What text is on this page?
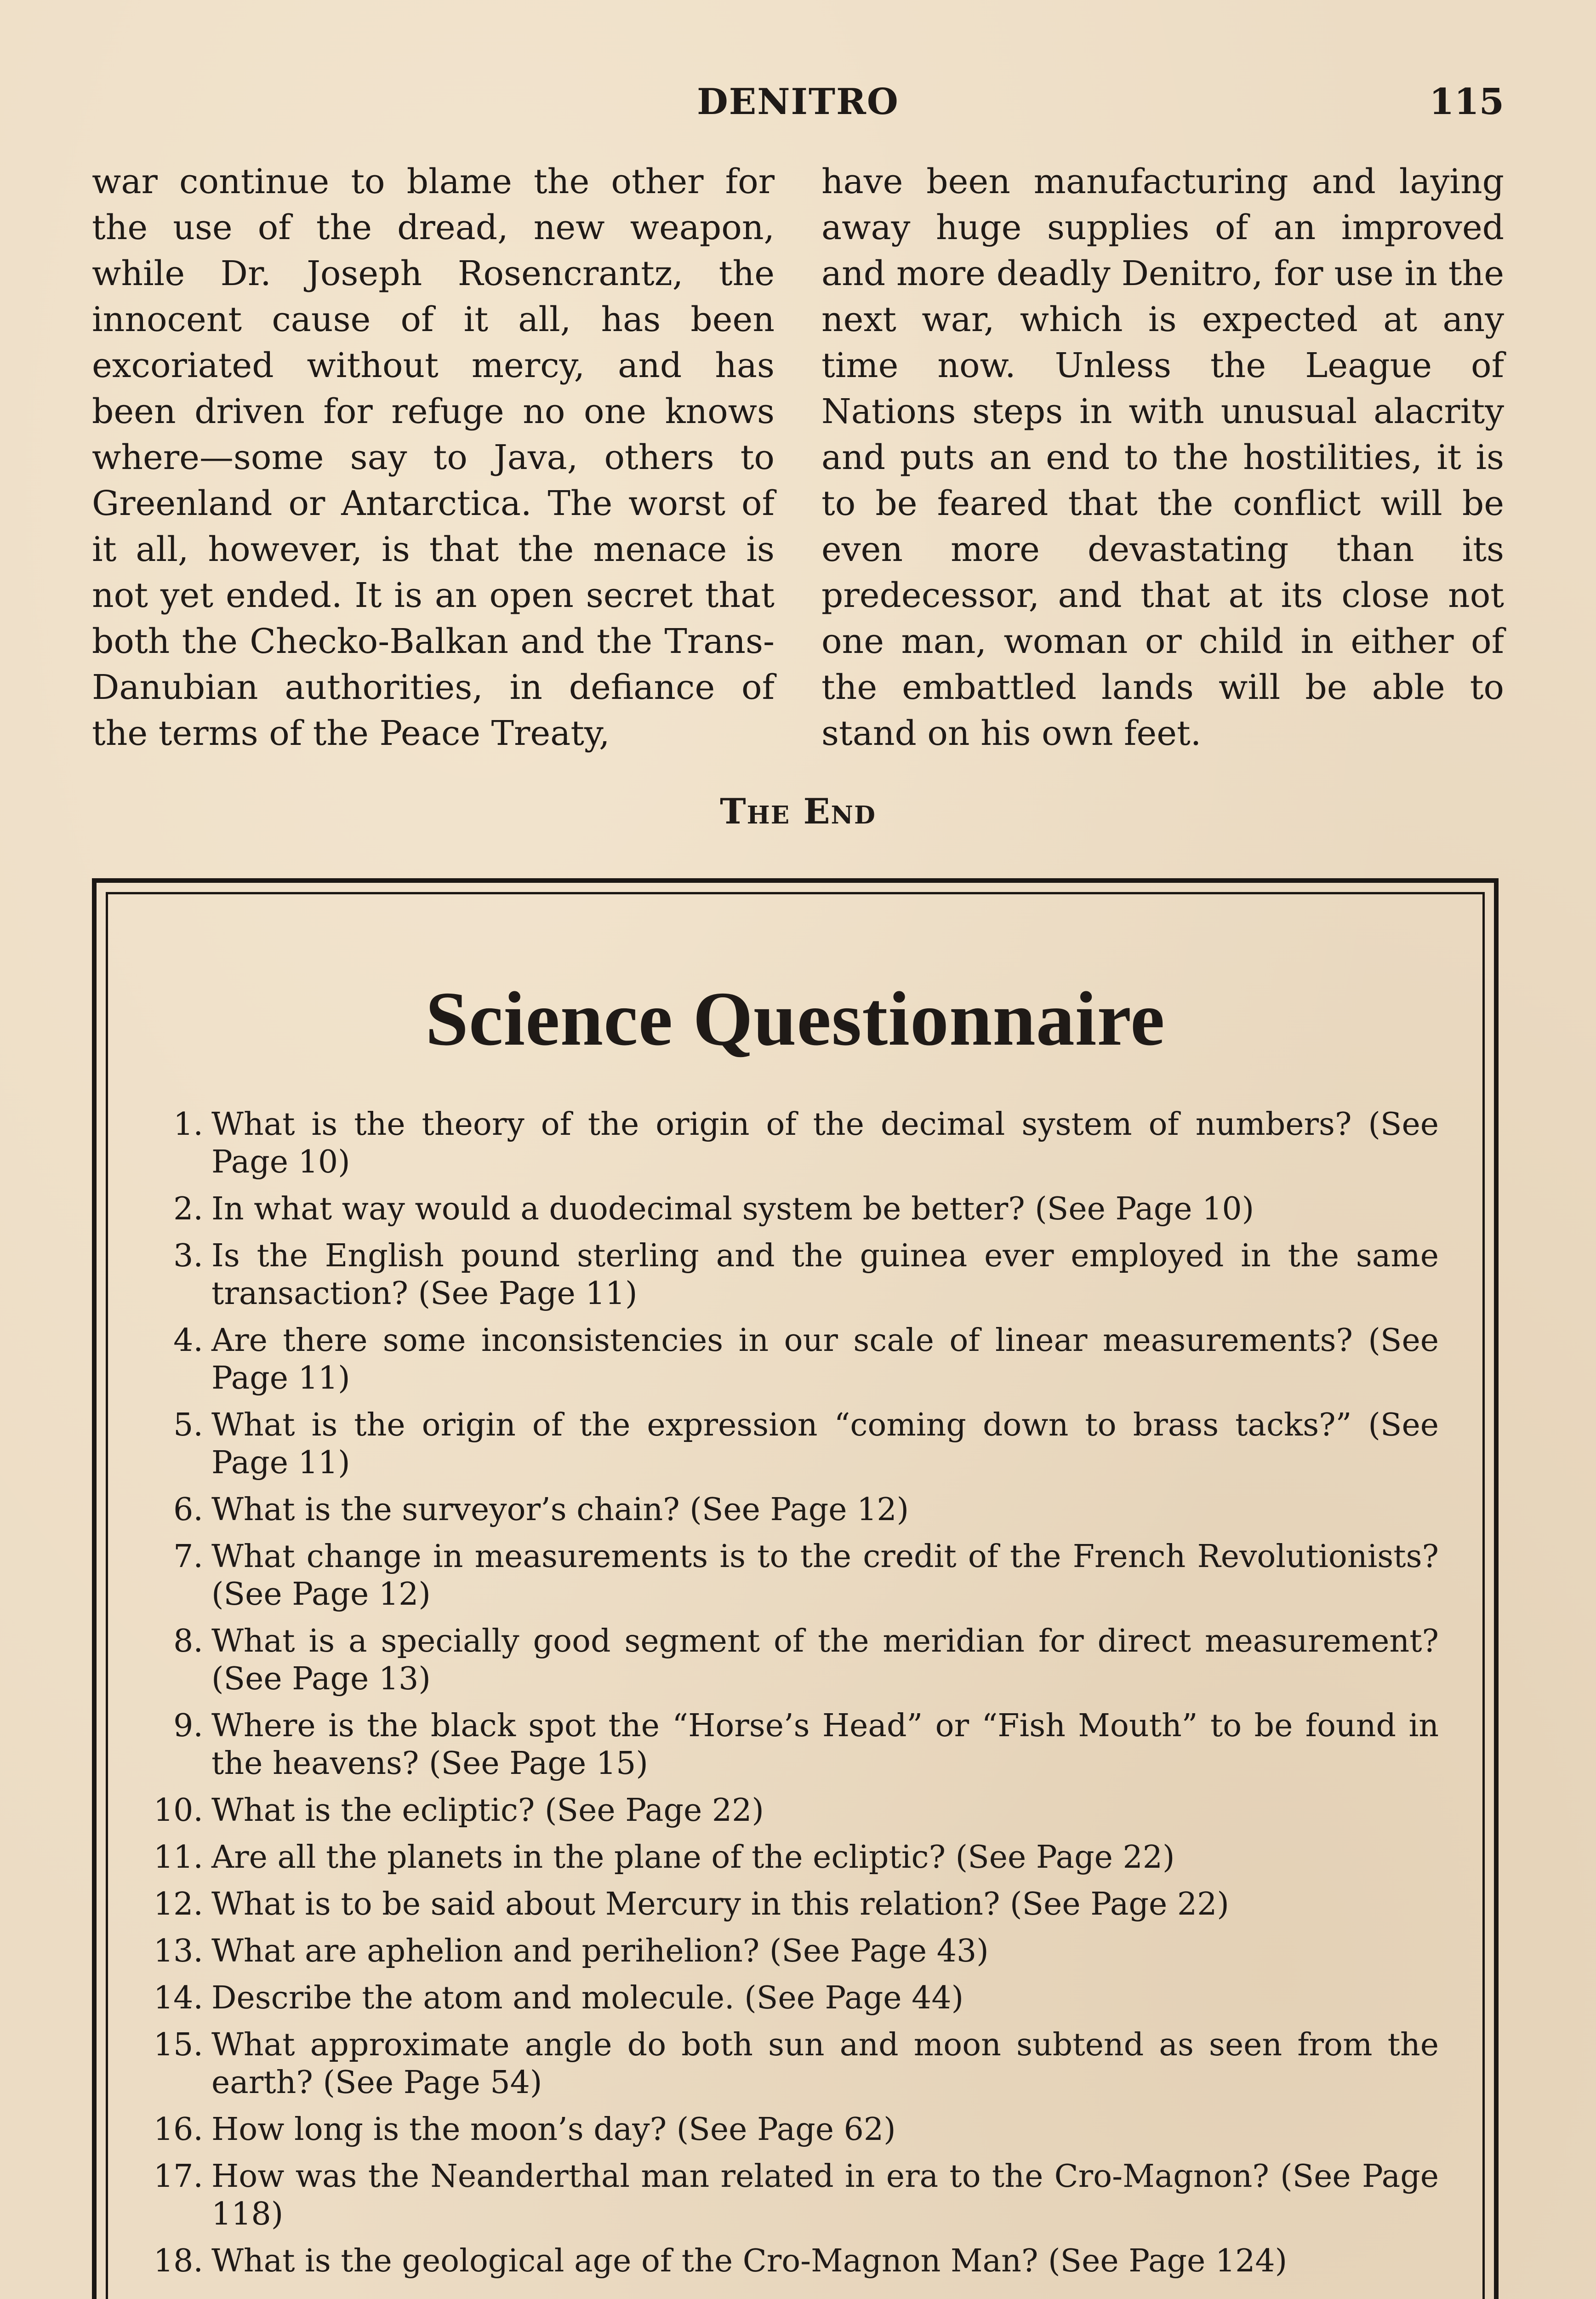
DENITRO	115
war continue to blame the other for the use of the dread, new weapon, while Dr. Joseph Rosencrantz, the innocent cause of it all, has been excoriated without mercy, and has been driven for refuge no one knows where—some say to Java, others to Greenland or Antarctica. The worst of it all, however, is that the menace is not yet ended. It is an open secret that both the Checko-Balkan and the Trans-Danubian authorities, in defiance of the terms of the Peace Treaty,
have been manufacturing and laying away huge supplies of an improved and more deadly Denitro, for use in the next war, which is expected at any time now. Unless the League of Nations steps in with unusual alacrity and puts an end to the hostilities, it is to be feared that the conflict will be even more devastating than its predecessor, and that at its close not one man, woman or child in either of the embattled lands will be able to stand on his own feet.
The End
Science Questionnaire
1. What is the theory of the origin of the decimal system of numbers? (See Page 10)
2. In what way would a duodecimal system be better? (See Page 10)
3. Is the English pound sterling and the guinea ever employed in the same transaction? (See Page 11)
4. Are there some inconsistencies in our scale of linear measurements? (See Page 11)
5. What is the origin of the expression “coming down to brass tacks?” (See Page 11)
6. What is the surveyor’s chain? (See Page 12)
7. What change in measurements is to the credit of the French Revolutionists? (See Page 12)
8. What is a specially good segment of the meridian for direct measurement? (See Page 13)
9. Where is the black spot the “Horse’s Head” or “Fish Mouth” to be found in the heavens? (See Page 15)
10. What is the ecliptic? (See Page 22)
11. Are all the planets in the plane of the ecliptic? (See Page 22)
12. What is to be said about Mercury in this relation? (See Page 22)
13. What are aphelion and perihelion? (See Page 43)
14. Describe the atom and molecule. (See Page 44)
15. What approximate angle do both sun and moon subtend as seen from the earth? (See Page 54)
16. How long is the moon’s day? (See Page 62)
17. How was the Neanderthal man related in era to the Cro-Magnon? (See Page 118)
18. What is the geological age of the Cro-Magnon Man? (See Page 124)
